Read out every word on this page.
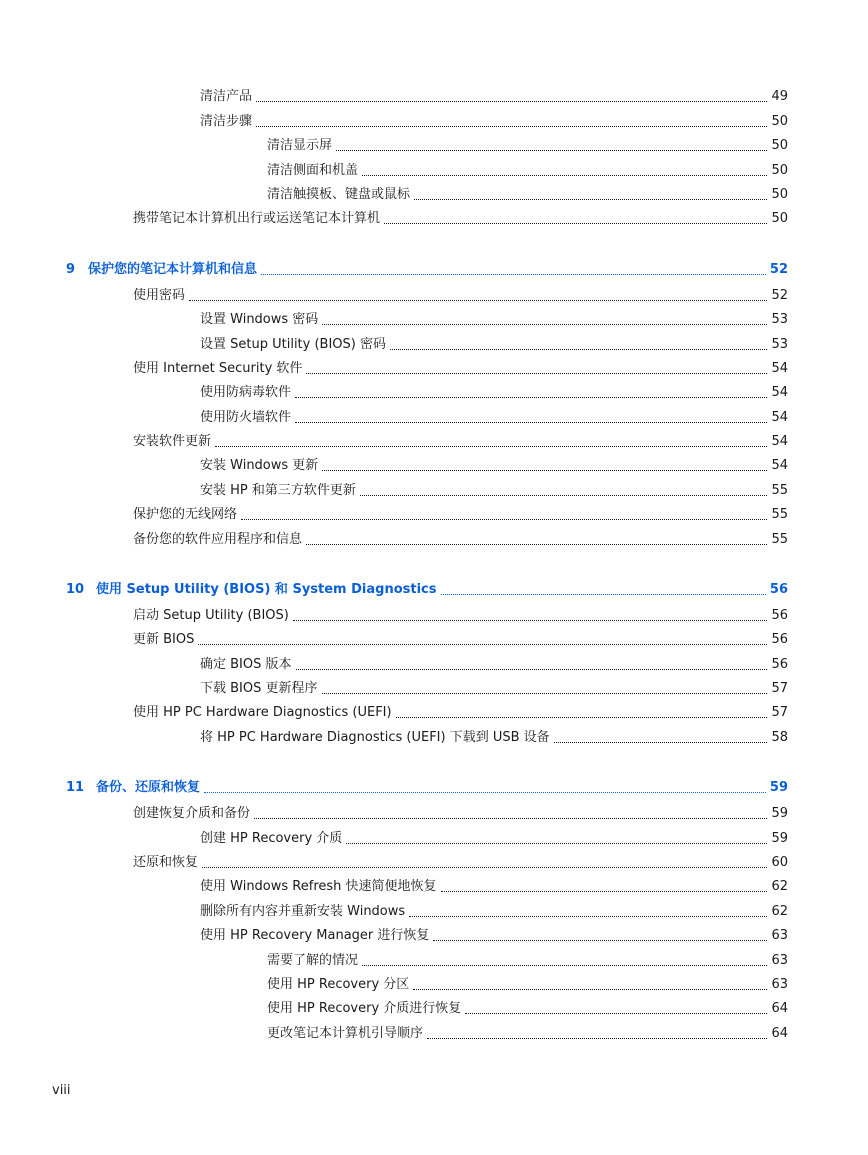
清洁产品	49
清洁步骤	50
清洁显示屏	50
清洁侧面和机盖	50
清洁触摸板、键盘或鼠标	50
携带笔记本计算机出行或运送笔记本计算机	50
9 保护您的笔记本计算机和信息	52
使用密码	52
设置 Windows 密码	53
设置 Setup Utility (BIOS) 密码	53
使用 Internet Security 软件	54
使用防病毒软件	54
使用防火墙软件	54
安装软件更新	54
安装 Windows 更新	54
安装 HP 和第三方软件更新	55
保护您的无线网络	55
备份您的软件应用程序和信息	55
10 使用 Setup Utility (BIOS) 和 System Diagnostics	56
启动 Setup Utility (BIOS)	56
更新 BIOS	56
确定 BIOS 版本	56
下载 BIOS 更新程序	57
使用 HP PC Hardware Diagnostics (UEFI)	57
将 HP PC Hardware Diagnostics (UEFI) 下载到 USB 设备	58
11 备份、还原和恢复	59
创建恢复介质和备份	59
创建 HP Recovery 介质	59
还原和恢复	60
使用 Windows Refresh 快速简便地恢复	62
删除所有内容并重新安装 Windows	62
使用 HP Recovery Manager 进行恢复	63
需要了解的情况	63
使用 HP Recovery 分区	63
使用 HP Recovery 介质进行恢复	64
更改笔记本计算机引导顺序	64
viii
